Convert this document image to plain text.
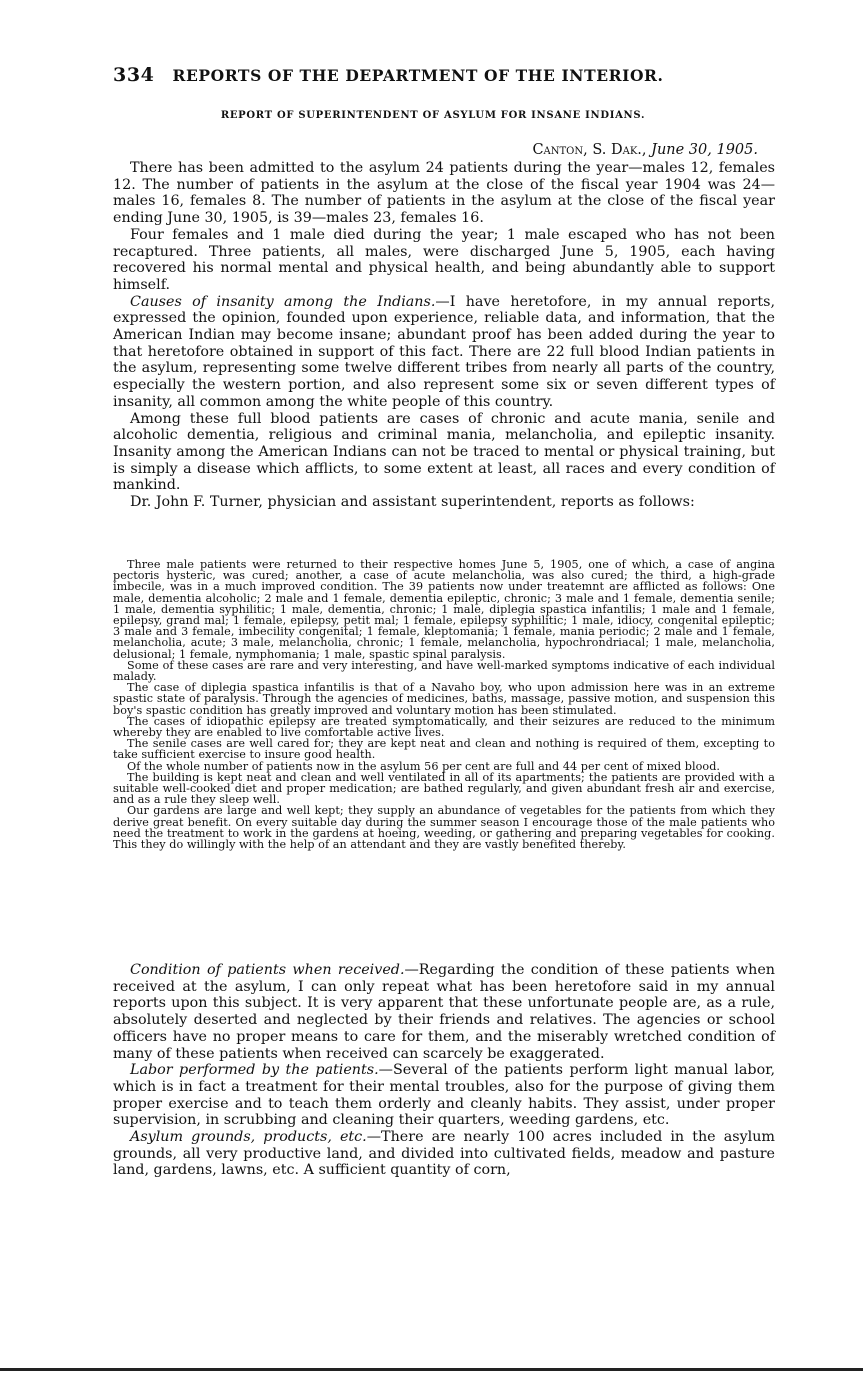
334 REPORTS OF THE DEPARTMENT OF THE INTERIOR.
REPORT OF SUPERINTENDENT OF ASYLUM FOR INSANE INDIANS.
Canton, S. Dak., June 30, 1905.

There has been admitted to the asylum 24 patients during the year—males 12, females 12. The number of patients in the asylum at the close of the fiscal year 1904 was 24—males 16, females 8. The number of patients in the asylum at the close of the fiscal year ending June 30, 1905, is 39—males 23, females 16.

Four females and 1 male died during the year; 1 male escaped who has not been recaptured. Three patients, all males, were discharged June 5, 1905, each having recovered his normal mental and physical health, and being abundantly able to support himself.

Causes of insanity among the Indians.—I have heretofore, in my annual reports, expressed the opinion, founded upon experience, reliable data, and information, that the American Indian may become insane; abundant proof has been added during the year to that heretofore obtained in support of this fact. There are 22 full blood Indian patients in the asylum, representing some twelve different tribes from nearly all parts of the country, especially the western portion, and also represent some six or seven different types of insanity, all common among the white people of this country.

Among these full blood patients are cases of chronic and acute mania, senile and alcoholic dementia, religious and criminal mania, melancholia, and epileptic insanity. Insanity among the American Indians can not be traced to mental or physical training, but is simply a disease which afflicts, to some extent at least, all races and every condition of mankind.

Dr. John F. Turner, physician and assistant superintendent, reports as follows:

Three male patients were returned to their respective homes June 5, 1905, one of which, a case of angina pectoris hysteric, was cured; another, a case of acute melancholia, was also cured; the third, a high-grade imbecile, was in a much improved condition. The 39 patients now under treatemnt are afflicted as follows: One male, dementia alcoholic; 2 male and 1 female, dementia epileptic, chronic; 3 male and 1 female, dementia senile; 1 male, dementia syphilitic; 1 male, dementia, chronic; 1 male, diplegia spastica infantilis; 1 male and 1 female, epilepsy, grand mal; 1 female, epilepsy, petit mal; 1 female, epilepsy syphilitic; 1 male, idiocy, congenital epileptic; 3 male and 3 female, imbecility congenital; 1 female, kleptomania; 1 female, mania periodic; 2 male and 1 female, melancholia, acute; 3 male, melancholia, chronic; 1 female, melancholia, hypochrondriacal; 1 male, melancholia, delusional; 1 female, nymphomania; 1 male, spastic spinal paralysis.

Some of these cases are rare and very interesting, and have well-marked symptoms indicative of each individual malady.

The case of diplegia spastica infantilis is that of a Navaho boy, who upon admission here was in an extreme spastic state of paralysis. Through the agencies of medicines, baths, massage, passive motion, and suspension this boy's spastic condition has greatly improved and voluntary motion has been stimulated.

The cases of idiopathic epilepsy are treated symptomatically, and their seizures are reduced to the minimum whereby they are enabled to live comfortable active lives.

The senile cases are well cared for; they are kept neat and clean and nothing is required of them, excepting to take sufficient exercise to insure good health.

Of the whole number of patients now in the asylum 56 per cent are full and 44 per cent of mixed blood.

The building is kept neat and clean and well ventilated in all of its apartments; the patients are provided with a suitable well-cooked diet and proper medication; are bathed regularly, and given abundant fresh air and exercise, and as a rule they sleep well.

Our gardens are large and well kept; they supply an abundance of vegetables for the patients from which they derive great benefit. On every suitable day during the summer season I encourage those of the male patients who need the treatment to work in the gardens at hoeing, weeding, or gathering and preparing vegetables for cooking. This they do willingly with the help of an attendant and they are vastly benefited thereby.

Condition of patients when received.—Regarding the condition of these patients when received at the asylum, I can only repeat what has been heretofore said in my annual reports upon this subject. It is very apparent that these unfortunate people are, as a rule, absolutely deserted and neglected by their friends and relatives. The agencies or school officers have no proper means to care for them, and the miserably wretched condition of many of these patients when received can scarcely be exaggerated.

Labor performed by the patients.—Several of the patients perform light manual labor, which is in fact a treatment for their mental troubles, also for the purpose of giving them proper exercise and to teach them orderly and cleanly habits. They assist, under proper supervision, in scrubbing and cleaning their quarters, weeding gardens, etc.

Asylum grounds, products, etc.—There are nearly 100 acres included in the asylum grounds, all very productive land, and divided into cultivated fields, meadow and pasture land, gardens, lawns, etc. A sufficient quantity of corn,
